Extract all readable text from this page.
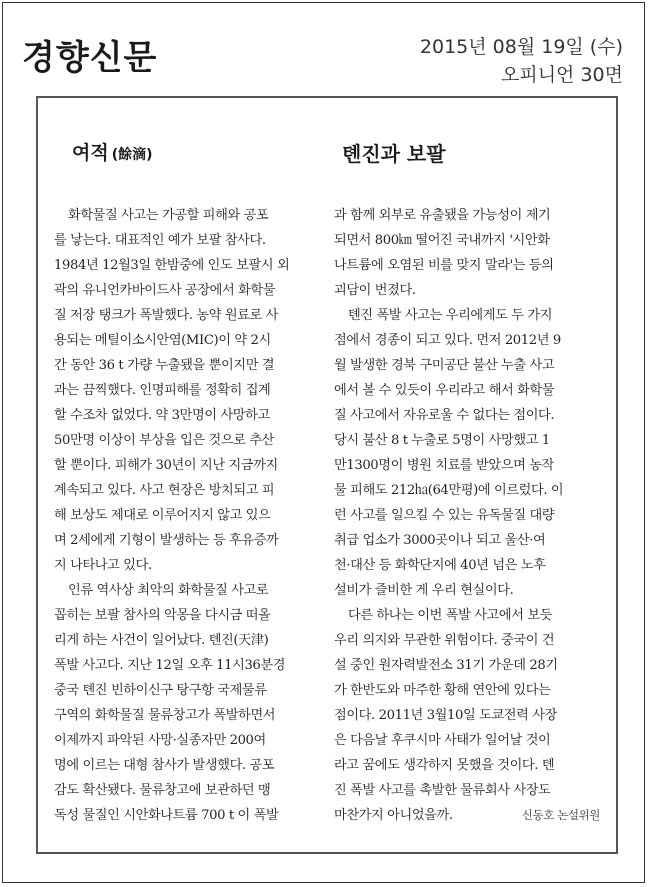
경향신문	2015년 08월 19일 (수)
오피니언 30면
여적 (餘滴)	톈진과 보팔
화학물질 사고는 가공할 피해와 공포
를 낳는다. 대표적인 예가 보팔 참사다.
1984년 12월3일 한밤중에 인도 보팔시 외
곽의 유니언카바이드사 공장에서 화학물
질 저장 탱크가 폭발했다. 농약 원료로 사
용되는 메틸이소시안염(MIC)이 약 2시
간 동안 36 t 가량 누출됐을 뿐이지만 결
과는 끔찍했다. 인명피해를 정확히 집계
할 수조차 없었다. 약 3만명이 사망하고
50만명 이상이 부상을 입은 것으로 추산
할 뿐이다. 피해가 30년이 지난 지금까지
계속되고 있다. 사고 현장은 방치되고 피
해 보상도 제대로 이루어지지 않고 있으
며 2세에게 기형이 발생하는 등 후유증까
지 나타나고 있다.
인류 역사상 최악의 화학물질 사고로
꼽히는 보팔 참사의 악몽을 다시금 떠올
리게 하는 사건이 일어났다. 톈진(天津)
폭발 사고다. 지난 12일 오후 11시36분경
중국 톈진 빈하이신구 탕구항 국제물류
구역의 화학물질 물류창고가 폭발하면서
이제까지 파악된 사망·실종자만 200여
명에 이르는 대형 참사가 발생했다. 공포
감도 확산됐다. 물류창고에 보관하던 맹
독성 물질인 시안화나트륨 700 t 이 폭발
과 함께 외부로 유출됐을 가능성이 제기
되면서 800㎞ 떨어진 국내까지 '시안화
나트륨에 오염된 비를 맞지 말라'는 등의
괴담이 번졌다.
톈진 폭발 사고는 우리에게도 두 가지
점에서 경종이 되고 있다. 먼저 2012년 9
월 발생한 경북 구미공단 불산 누출 사고
에서 볼 수 있듯이 우리라고 해서 화학물
질 사고에서 자유로울 수 없다는 점이다.
당시 불산 8 t 누출로 5명이 사망했고 1
만1300명이 병원 치료를 받았으며 농작
물 피해도 212㏊(64만평)에 이르렀다. 이
런 사고를 일으킬 수 있는 유독물질 대량
취급 업소가 3000곳이나 되고 울산·여
천·대산 등 화학단지에 40년 넘은 노후
설비가 즐비한 게 우리 현실이다.
다른 하나는 이번 폭발 사고에서 보듯
우리 의지와 무관한 위험이다. 중국이 건
설 중인 원자력발전소 31기 가운데 28기
가 한반도와 마주한 황해 연안에 있다는
점이다. 2011년 3월10일 도쿄전력 사장
은 다음날 후쿠시마 사태가 일어날 것이
라고 꿈에도 생각하지 못했을 것이다. 톈
진 폭발 사고를 촉발한 물류회사 사장도
마찬가지 아니었을까.	신동호 논설위원
